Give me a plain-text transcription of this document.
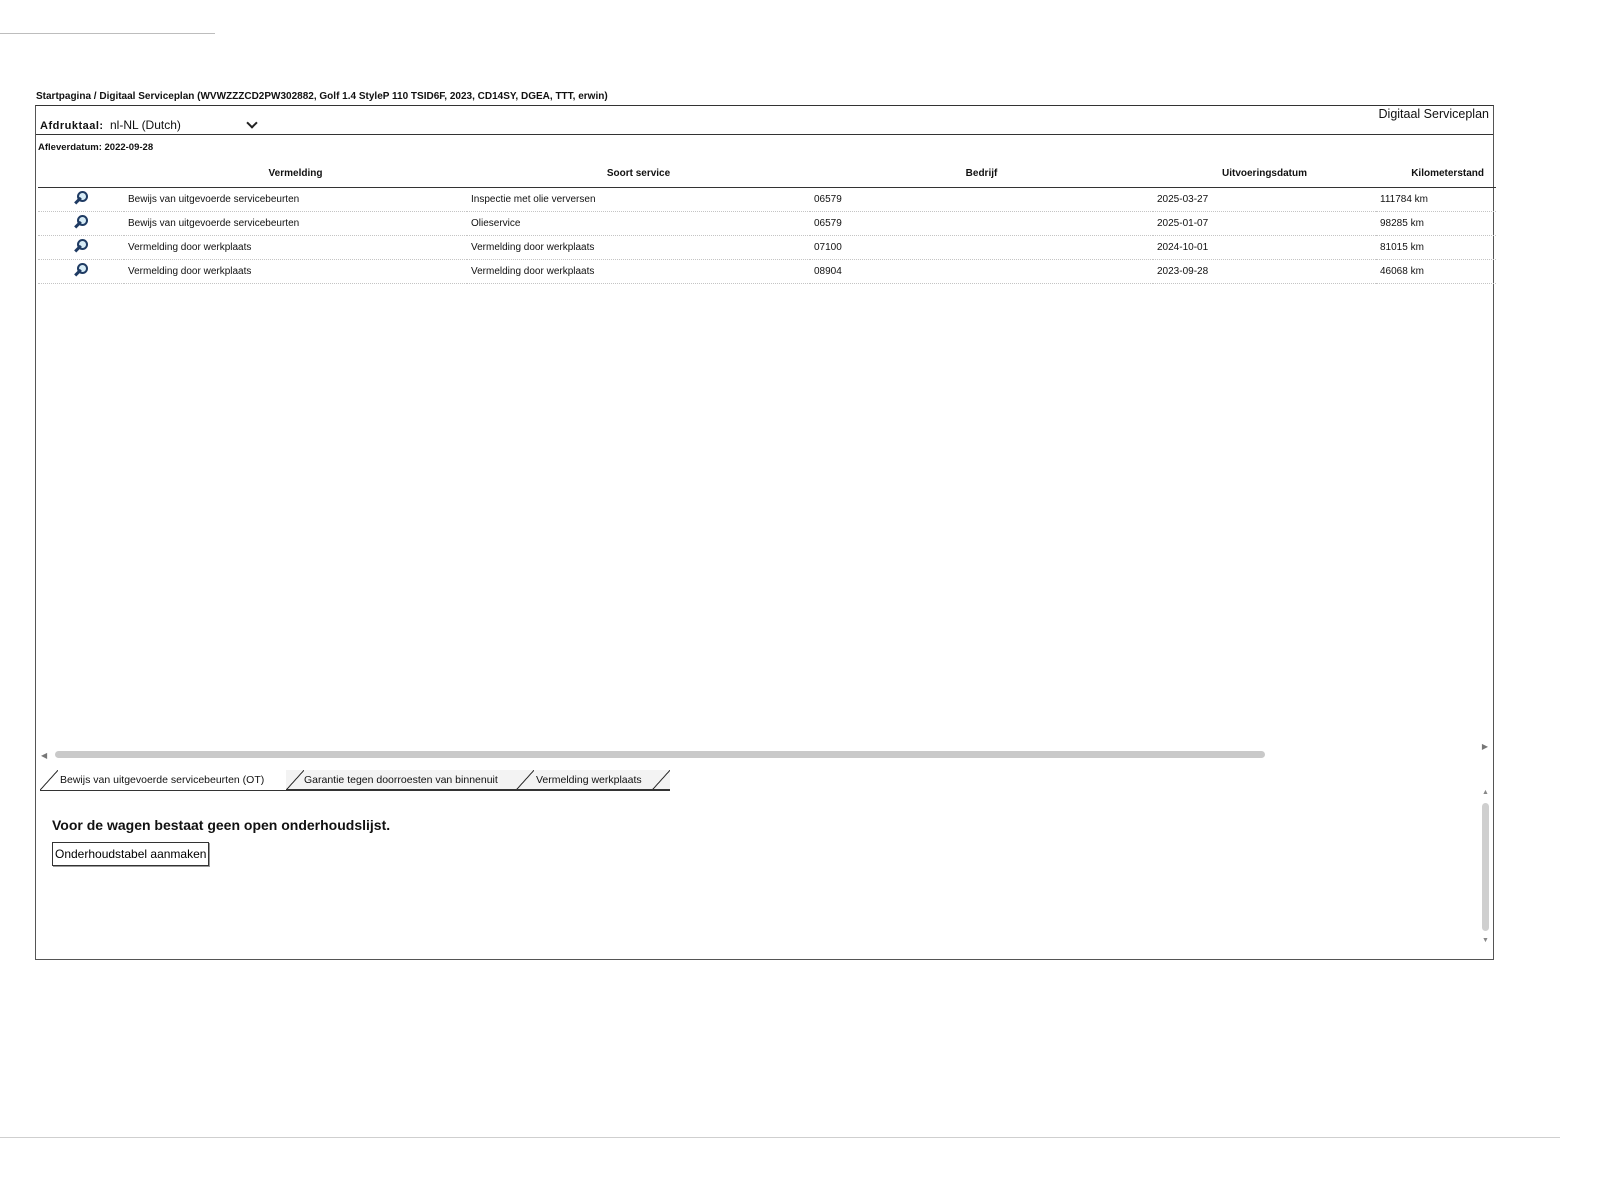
Startpagina / Digitaal Serviceplan (WVWZZZCD2PW302882, Golf 1.4 StyleP 110 TSID6F, 2023, CD14SY, DGEA, TTT, erwin)
Afdruktaal: nl-NL (Dutch)
Digitaal Serviceplan
Afleverdatum: 2022-09-28
	Vermelding	Soort service	Bedrijf	Uitvoeringsdatum	Kilometerstand

	Bewijs van uitgevoerde servicebeurten	Inspectie met olie verversen	06579	2025-03-27	111784 km

	Bewijs van uitgevoerde servicebeurten	Olieservice	06579	2025-01-07	98285 km

	Vermelding door werkplaats	Vermelding door werkplaats	07100	2024-10-01	81015 km

	Vermelding door werkplaats	Vermelding door werkplaats	08904	2023-09-28	46068 km
◀
▶
Bewijs van uitgevoerde servicebeurten (OT)	Garantie tegen doorroesten van binnenuit	Vermelding werkplaats
Voor de wagen bestaat geen open onderhoudslijst.
Onderhoudstabel aanmaken
▲
▼
